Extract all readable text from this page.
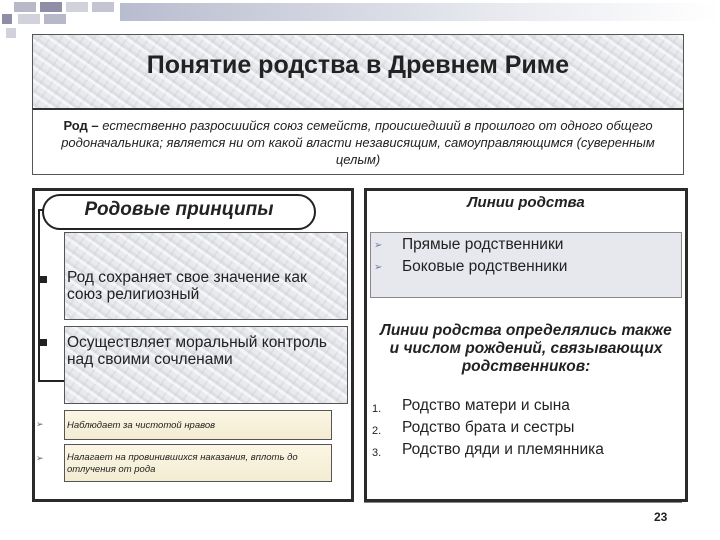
Понятие родства в Древнем Риме
Род – естественно разросшийся союз семейств, происшедший в прошлого от одного общего родоначальника; является ни от какой власти независящим, самоуправляющимся (суверенным целым)
Родовые принципы
Род сохраняет свое значение как союз религиозный
Осуществляет моральный контроль над своими сочленами
➢ Наблюдает за чистотой нравов
➢ Налагает на провинившихся наказания, вплоть до отлучения от рода
Линии родства
➢ Прямые родственники
➢ Боковые родственники
Линии родства определялись также и числом рождений, связывающих родственников:
1. Родство матери и сына
2. Родство брата и сестры
3. Родство дяди и племянника
23
